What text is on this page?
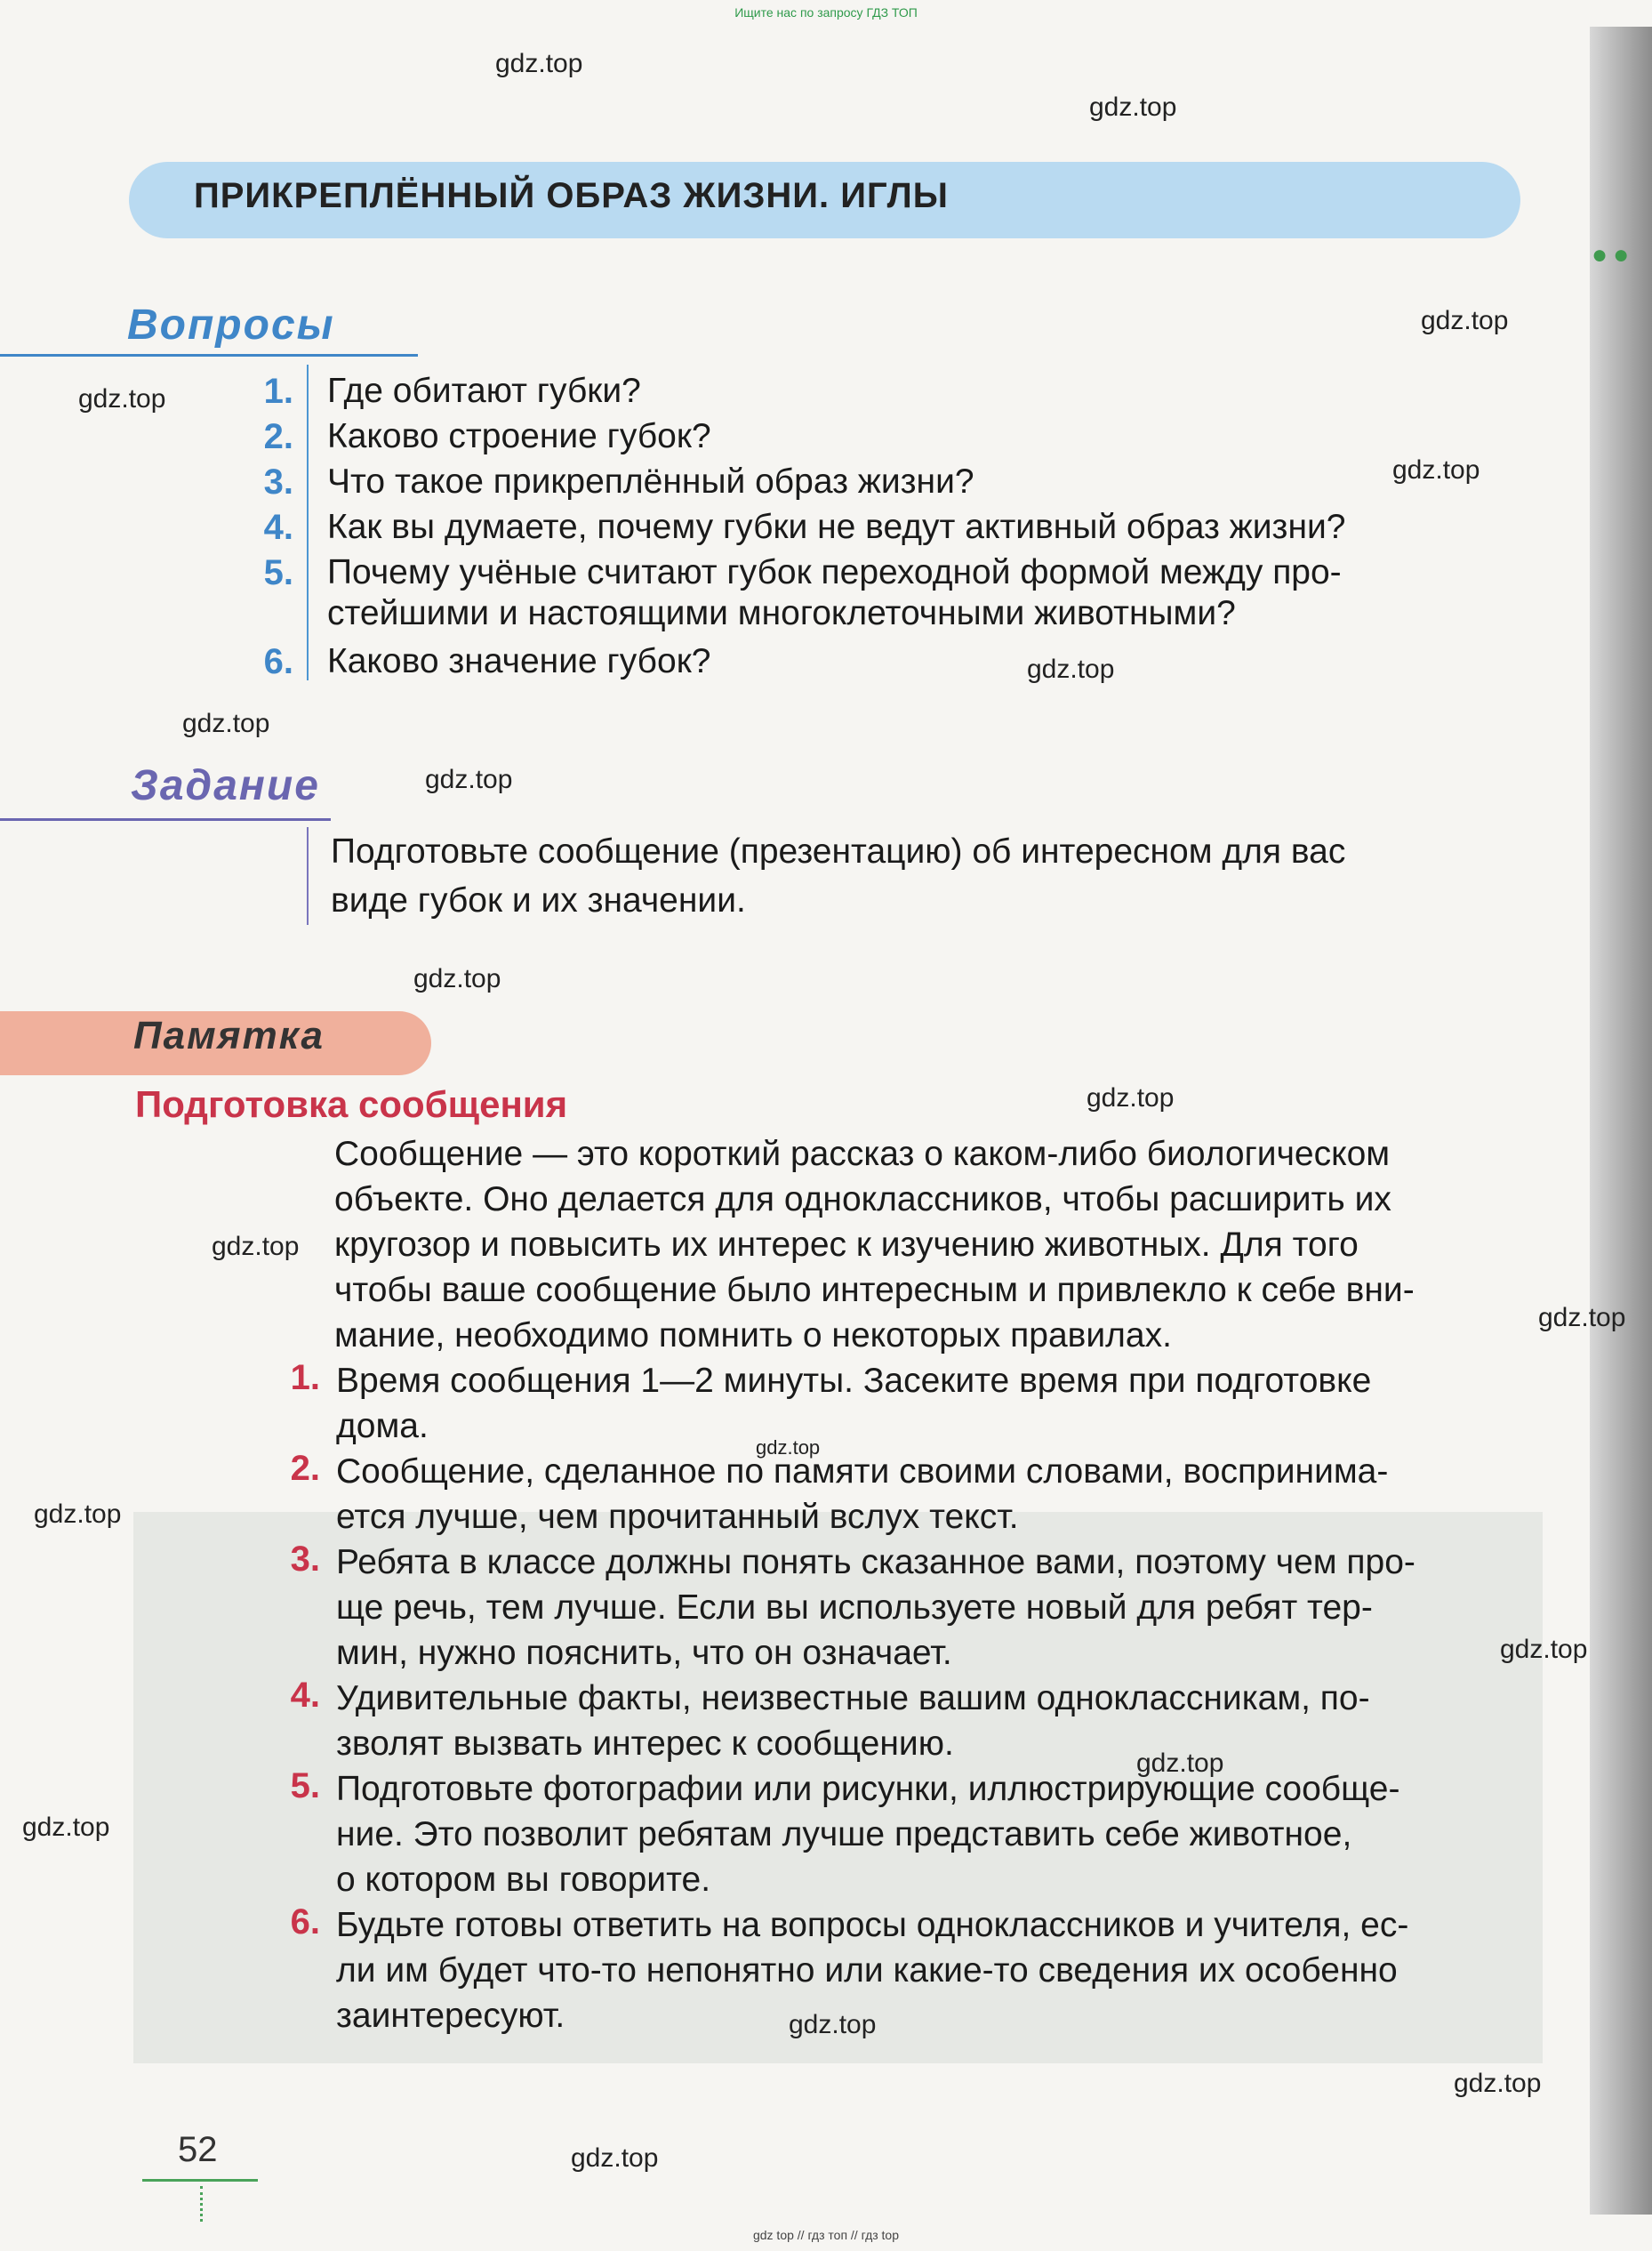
●●
Ищите нас по запросу ГДЗ ТОП
ПРИКРЕПЛЁННЫЙ ОБРАЗ ЖИЗНИ. ИГЛЫ
Вопросы
1. Где обитают губки?
2. Каково строение губок?
3. Что такое прикреплённый образ жизни?
4. Как вы думаете, почему губки не ведут активный образ жизни?
5. Почему учёные считают губок переходной формой между про-
стейшими и настоящими многоклеточными животными?
6. Каково значение губок?
Задание
Подготовьте сообщение (презентацию) об интересном для вас
виде губок и их значении.
Памятка
Подготовка сообщения
Сообщение — это короткий рассказ о каком-либо биологическом
объекте. Оно делается для одноклассников, чтобы расширить их
кругозор и повысить их интерес к изучению животных. Для того
чтобы ваше сообщение было интересным и привлекло к себе вни-
мание, необходимо помнить о некоторых правилах.
1. Время сообщения 1—2 минуты. Засеките время при подготовке
дома.
2. Сообщение, сделанное по памяти своими словами, воспринима-
ется лучше, чем прочитанный вслух текст.
3. Ребята в классе должны понять сказанное вами, поэтому чем про-
ще речь, тем лучше. Если вы используете новый для ребят тер-
мин, нужно пояснить, что он означает.
4. Удивительные факты, неизвестные вашим одноклассникам, по-
зволят вызвать интерес к сообщению.
5. Подготовьте фотографии или рисунки, иллюстрирующие сообще-
ние. Это позволит ребятам лучше представить себе животное,
о котором вы говорите.
6. Будьте готовы ответить на вопросы одноклассников и учителя, ес-
ли им будет что-то непонятно или какие-то сведения их особенно
заинтересуют.
52
gdz.top
gdz.top
gdz.top
gdz.top
gdz.top
gdz.top
gdz.top
gdz.top
gdz.top
gdz.top
gdz.top
gdz.top
gdz.top
gdz.top
gdz.top
gdz.top
gdz.top
gdz.top
gdz.top
gdz.top
gdz top // гдз топ // гдз top
